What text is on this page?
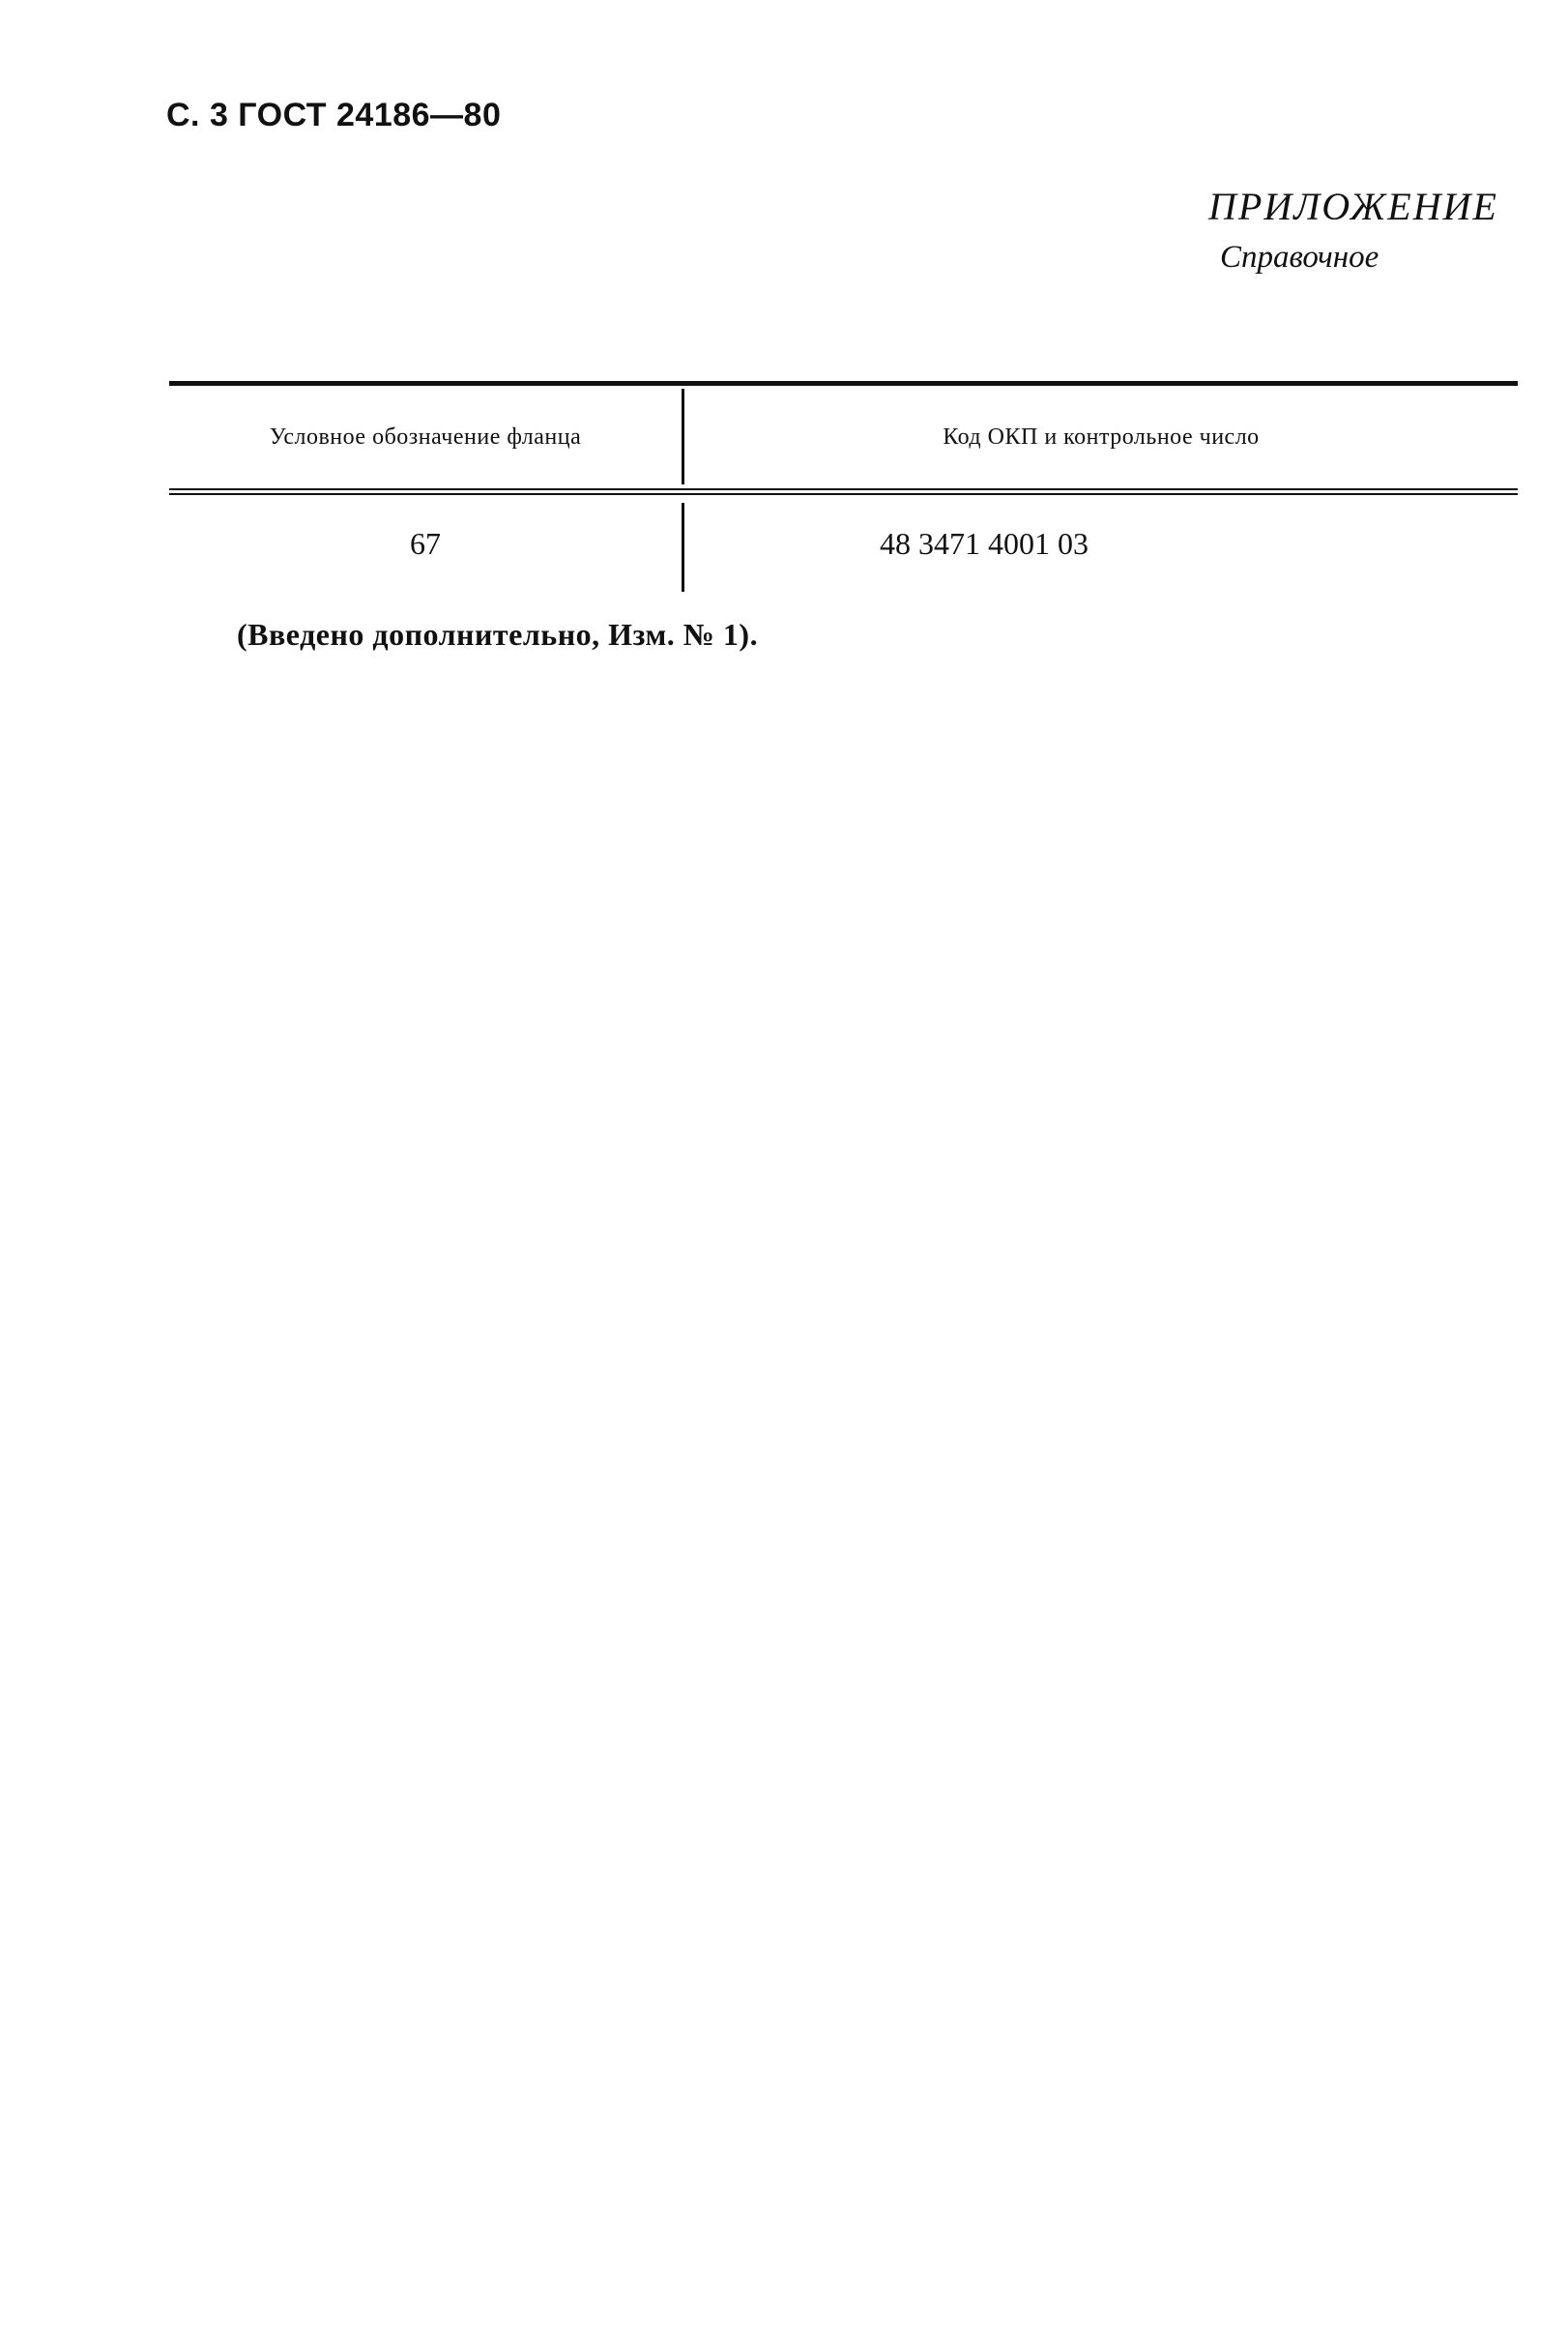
С. 3 ГОСТ 24186—80
ПРИЛОЖЕНИЕ
Справочное
Условное обозначение фланца	Код ОКП и контрольное число
67	48 3471 4001 03
(Введено дополнительно, Изм. № 1).
